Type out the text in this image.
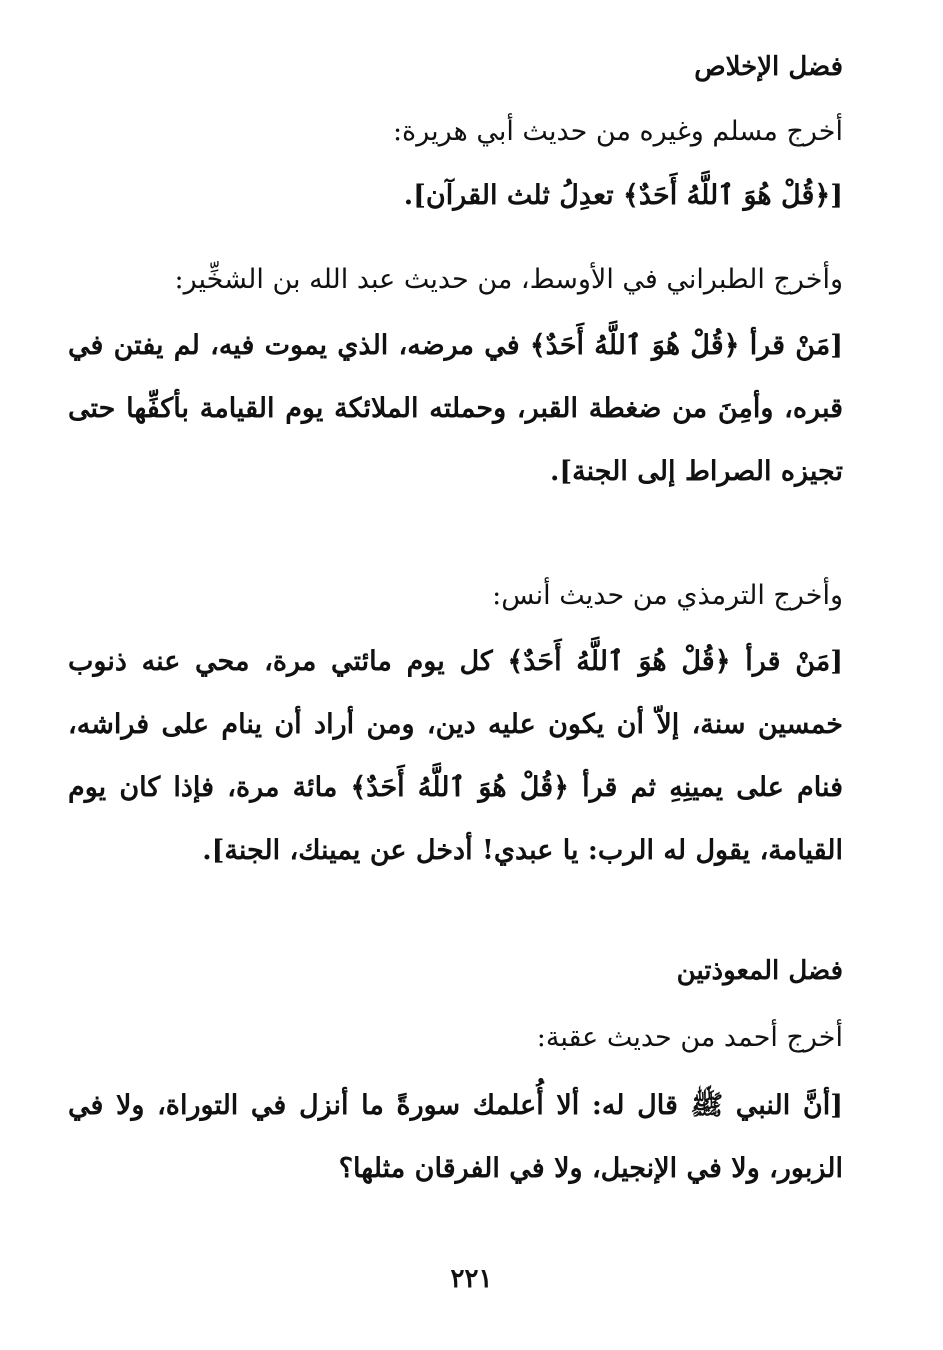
فضل الإخلاص
أخرج مسلم وغيره من حديث أبي هريرة:
[﴿قُلْ هُوَ ٱللَّهُ أَحَدٌ﴾ تعدِلُ ثلث القرآن].
وأخرج الطبراني في الأوسط، من حديث عبد الله بن الشخِّير:
[مَنْ قرأ ﴿قُلْ هُوَ ٱللَّهُ أَحَدٌ﴾ في مرضه، الذي يموت فيه، لم يفتن في قبره، وأمِنَ من ضغطة القبر، وحملته الملائكة يوم القيامة بأكفِّها حتى تجيزه الصراط إلى الجنة].
وأخرج الترمذي من حديث أنس:
[مَنْ قرأ ﴿قُلْ هُوَ ٱللَّهُ أَحَدٌ﴾ كل يوم مائتي مرة، محي عنه ذنوب خمسين سنة، إلاّ أن يكون عليه دين، ومن أراد أن ينام على فراشه، فنام على يمينِهِ ثم قرأ ﴿قُلْ هُوَ ٱللَّهُ أَحَدٌ﴾ مائة مرة، فإذا كان يوم القيامة، يقول له الرب: يا عبدي! أدخل عن يمينك، الجنة].
فضل المعوذتين
أخرج أحمد من حديث عقبة:
[أنَّ النبي ﷺ قال له: ألا أُعلمك سورةً ما أنزل في التوراة، ولا في الزبور، ولا في الإنجيل، ولا في الفرقان مثلها؟
٢٢١
